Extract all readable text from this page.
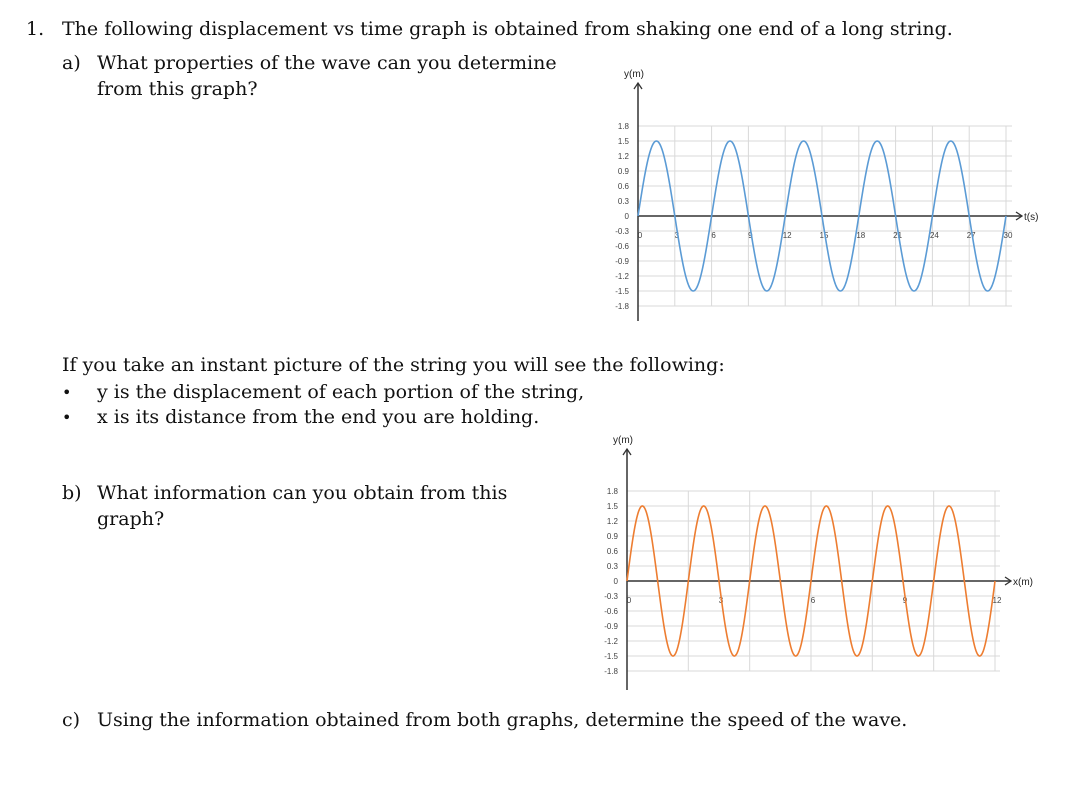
1. The following displacement vs time graph is obtained from shaking one end of a long string.
a) What properties of the wave can you determine
from this graph?
If you take an instant picture of the string you will see the following:
• y is the displacement of each portion of the string,
• x is its distance from the end you are holding.
b) What information can you obtain from this
graph?
c) Using the information obtained from both graphs, determine the speed of the wave.
y(m)
t(s)
1.8
1.5
1.2
0.9
0.6
0.3
0
-0.3
-0.6
-0.9
-1.2
-1.5
-1.8
0	3	6	9	12	15	18	21	24	27	30
y(m)
x(m)
1.8
1.5
1.2
0.9
0.6
0.3
0
-0.3
-0.6
-0.9
-1.2
-1.5
-1.8
0	3	6	9	12
